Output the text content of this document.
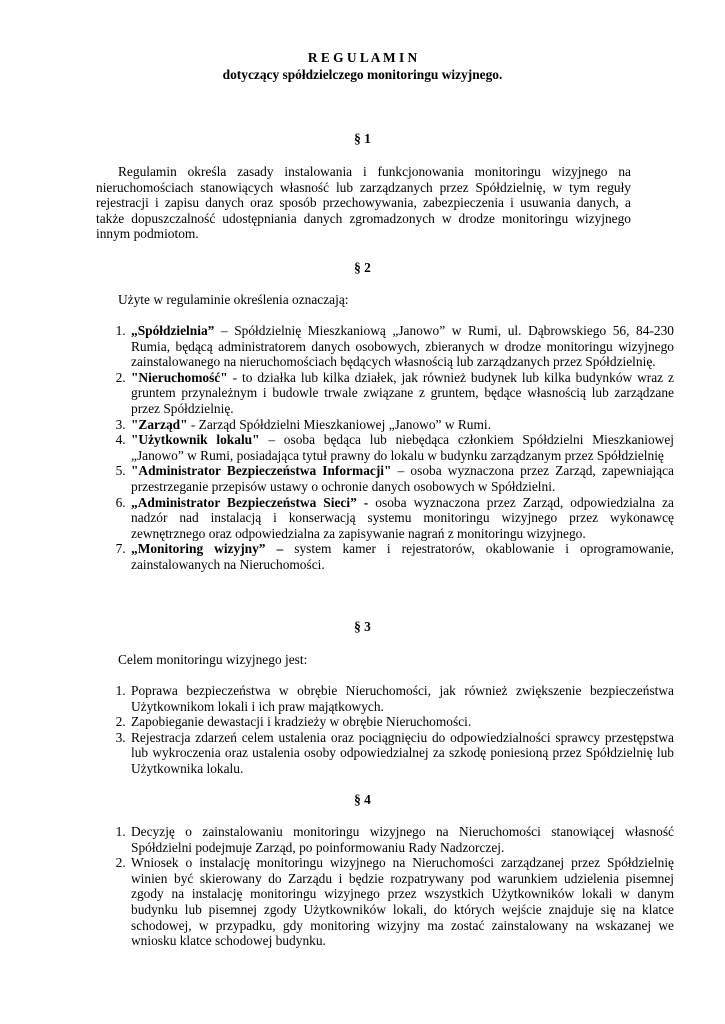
R E G U L A M I N
dotyczący spółdzielczego monitoringu wizyjnego.
§ 1
Regulamin określa zasady instalowania i funkcjonowania monitoringu wizyjnego na nieruchomościach stanowiących własność lub zarządzanych przez Spółdzielnię, w tym reguły rejestracji i zapisu danych oraz sposób przechowywania, zabezpieczenia i usuwania danych, a także dopuszczalność udostępniania danych zgromadzonych w drodze monitoringu wizyjnego innym podmiotom.
§ 2
Użyte w regulaminie określenia oznaczają:
1. „Spółdzielnia” – Spółdzielnię Mieszkaniową „Janowo” w Rumi, ul. Dąbrowskiego 56, 84-230 Rumia, będącą administratorem danych osobowych, zbieranych w drodze monitoringu wizyjnego zainstalowanego na nieruchomościach będących własnością lub zarządzanych przez Spółdzielnię.
2. "Nieruchomość" - to działka lub kilka działek, jak również budynek lub kilka budynków wraz z gruntem przynależnym i budowle trwale związane z gruntem, będące własnością lub zarządzane przez Spółdzielnię.
3. "Zarząd" - Zarząd Spółdzielni Mieszkaniowej „Janowo” w Rumi.
4. "Użytkownik lokalu" – osoba będąca lub niebędąca członkiem Spółdzielni Mieszkaniowej „Janowo” w Rumi, posiadająca tytuł prawny do lokalu w budynku zarządzanym przez Spółdzielnię
5. "Administrator Bezpieczeństwa Informacji" – osoba wyznaczona przez Zarząd, zapewniająca przestrzeganie przepisów ustawy o ochronie danych osobowych w Spółdzielni.
6. „Administrator Bezpieczeństwa Sieci” - osoba wyznaczona przez Zarząd, odpowiedzialna za nadzór nad instalacją i konserwacją systemu monitoringu wizyjnego przez wykonawcę zewnętrznego oraz odpowiedzialna za zapisywanie nagrań z monitoringu wizyjnego.
7. „Monitoring wizyjny” – system kamer i rejestratorów, okablowanie i oprogramowanie, zainstalowanych na Nieruchomości.
§ 3
Celem monitoringu wizyjnego jest:
1. Poprawa bezpieczeństwa w obrębie Nieruchomości, jak również zwiększenie bezpieczeństwa Użytkownikom lokali i ich praw majątkowych.
2. Zapobieganie dewastacji i kradzieży w obrębie Nieruchomości.
3. Rejestracja zdarzeń celem ustalenia oraz pociągnięciu do odpowiedzialności sprawcy przestępstwa lub wykroczenia oraz ustalenia osoby odpowiedzialnej za szkodę poniesioną przez Spółdzielnię lub Użytkownika lokalu.
§ 4
1. Decyzję o zainstalowaniu monitoringu wizyjnego na Nieruchomości stanowiącej własność Spółdzielni podejmuje Zarząd, po poinformowaniu Rady Nadzorczej.
2. Wniosek o instalację monitoringu wizyjnego na Nieruchomości zarządzanej przez Spółdzielnię winien być skierowany do Zarządu i będzie rozpatrywany pod warunkiem udzielenia pisemnej zgody na instalację monitoringu wizyjnego przez wszystkich Użytkowników lokali w danym budynku lub pisemnej zgody Użytkowników lokali, do których wejście znajduje się na klatce schodowej, w przypadku, gdy monitoring wizyjny ma zostać zainstalowany na wskazanej we wniosku klatce schodowej budynku.
